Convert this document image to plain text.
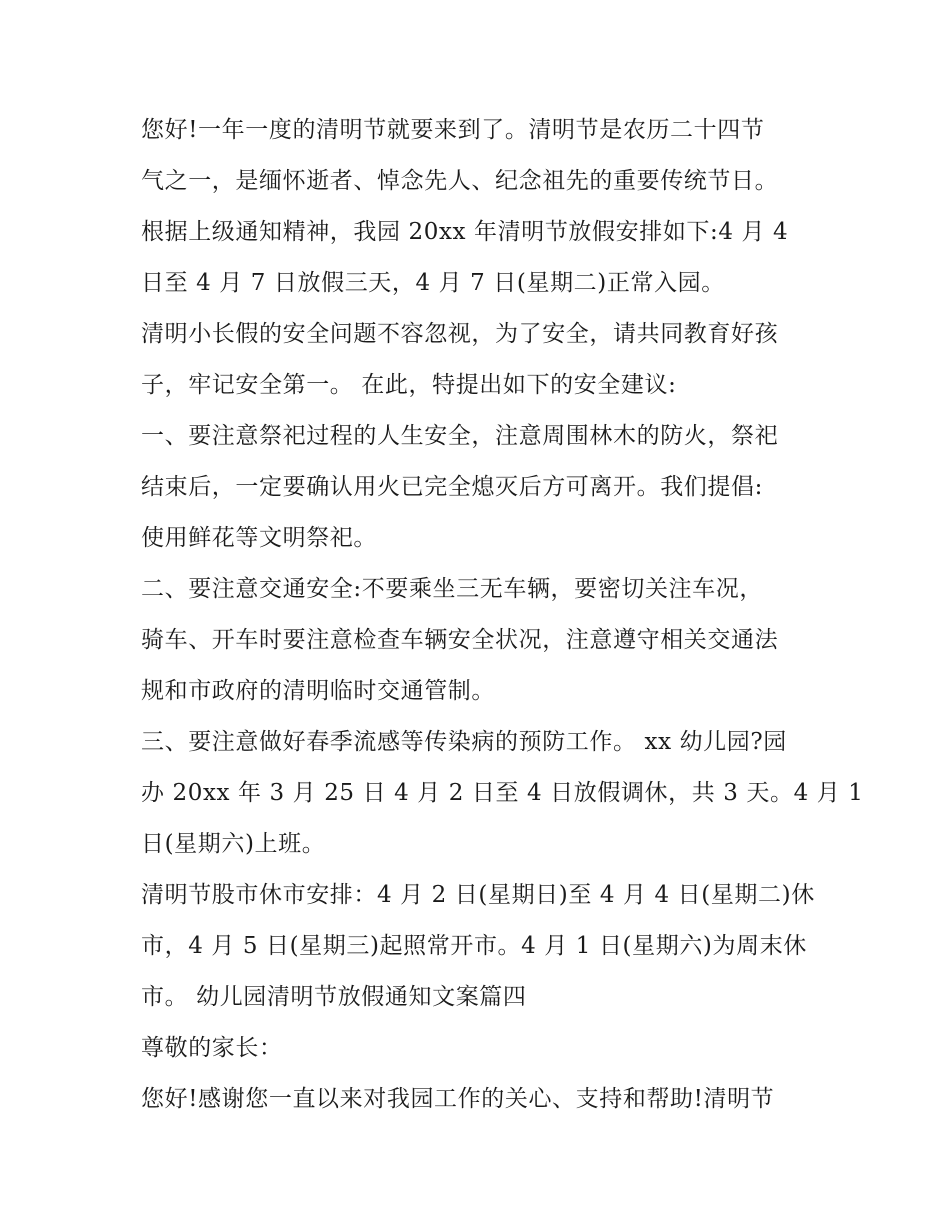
您好!一年一度的清明节就要来到了。清明节是农历二十四节
气之一，是缅怀逝者、悼念先人、纪念祖先的重要传统节日。
根据上级通知精神，我园 20xx 年清明节放假安排如下:4 月 4
日至 4 月 7 日放假三天，4 月 7 日(星期二)正常入园。
清明小长假的安全问题不容忽视，为了安全，请共同教育好孩
子，牢记安全第一。 在此，特提出如下的安全建议:
一、要注意祭祀过程的人生安全，注意周围林木的防火，祭祀
结束后，一定要确认用火已完全熄灭后方可离开。我们提倡:
使用鲜花等文明祭祀。
二、要注意交通安全:不要乘坐三无车辆，要密切关注车况，
骑车、开车时要注意检查车辆安全状况，注意遵守相关交通法
规和市政府的清明临时交通管制。
三、要注意做好春季流感等传染病的预防工作。 xx 幼儿园?园
办 20xx 年 3 月 25 日 4 月 2 日至 4 日放假调休，共 3 天。4 月 1
日(星期六)上班。
清明节股市休市安排：4 月 2 日(星期日)至 4 月 4 日(星期二)休
市，4 月 5 日(星期三)起照常开市。4 月 1 日(星期六)为周末休
市。 幼儿园清明节放假通知文案篇四
尊敬的家长：
您好!感谢您一直以来对我园工作的关心、支持和帮助!清明节
